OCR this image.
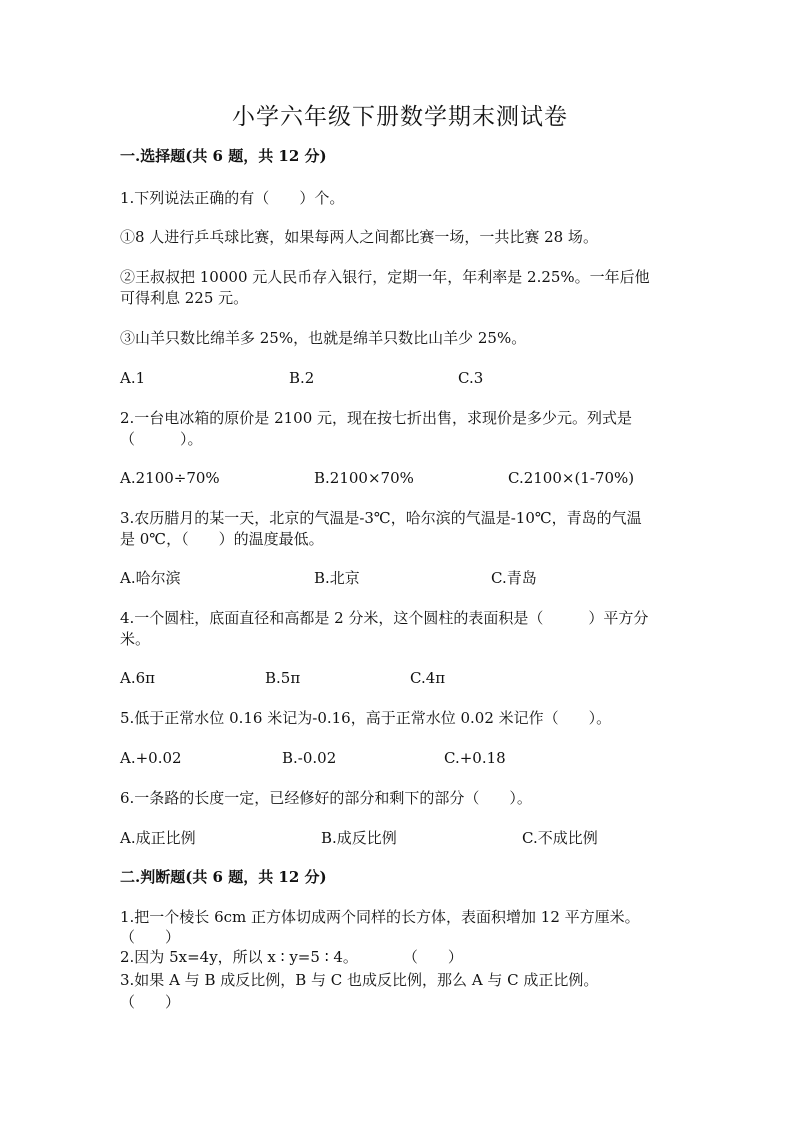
小学六年级下册数学期末测试卷
一.选择题(共 6 题，共 12 分)
1.下列说法正确的有（　　）个。
①8 人进行乒乓球比赛，如果每两人之间都比赛一场，一共比赛 28 场。
②王叔叔把 10000 元人民币存入银行，定期一年，年利率是 2.25%。一年后他
可得利息 225 元。
③山羊只数比绵羊多 25%，也就是绵羊只数比山羊少 25%。
A.1	B.2	C.3
2.一台电冰箱的原价是 2100 元，现在按七折出售，求现价是多少元。列式是
（　　　）。
A.2100÷70%	B.2100×70%	C.2100×(1-70%)
3.农历腊月的某一天，北京的气温是-3℃，哈尔滨的气温是-10℃，青岛的气温
是 0℃，（　　）的温度最低。
A.哈尔滨	B.北京	C.青岛
4.一个圆柱，底面直径和高都是 2 分米，这个圆柱的表面积是（　　　）平方分
米。
A.6π	B.5π	C.4π
5.低于正常水位 0.16 米记为-0.16，高于正常水位 0.02 米记作（　　）。
A.+0.02	B.-0.02	C.+0.18
6.一条路的长度一定，已经修好的部分和剩下的部分（　　）。
A.成正比例	B.成反比例	C.不成比例
二.判断题(共 6 题，共 12 分)
1.把一个棱长 6cm 正方体切成两个同样的长方体，表面积增加 12 平方厘米。
（　　）
2.因为 5x=4y，所以 x ∶ y=5 ∶ 4。　　　　（　　）
3.如果 A 与 B 成反比例，B 与 C 也成反比例，那么 A 与 C 成正比例。
（　　）
